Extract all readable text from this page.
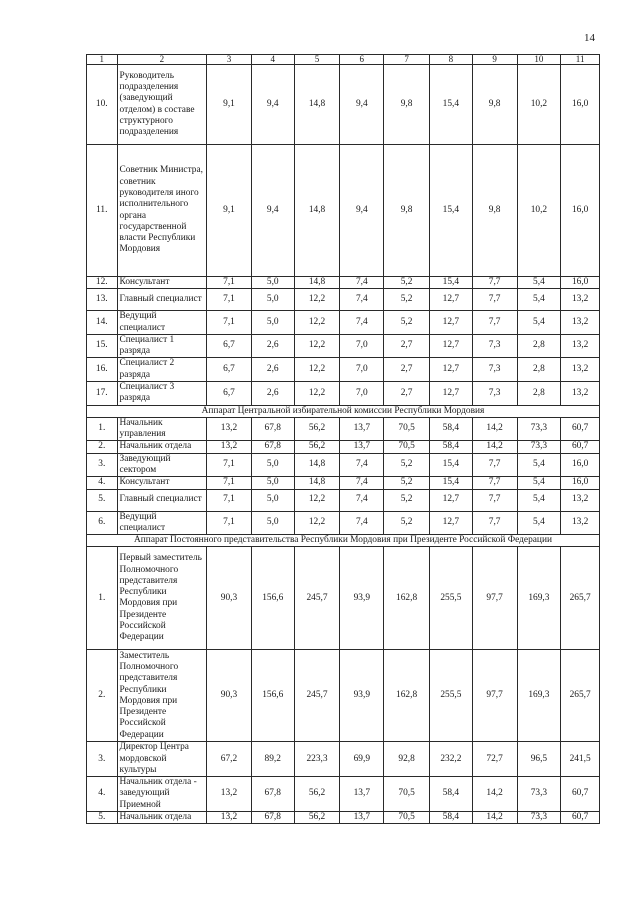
14
1	2	3	4	5	6	7	8	9	10	11
10.	Руководитель подразделения (заведующий отделом) в составе структурного подразделения	9,1	9,4	14,8	9,4	9,8	15,4	9,8	10,2	16,0
11.	Советник Министра, советник руководителя иного исполнительного органа государственной власти Республики Мордовия	9,1	9,4	14,8	9,4	9,8	15,4	9,8	10,2	16,0
12.	Консультант	7,1	5,0	14,8	7,4	5,2	15,4	7,7	5,4	16,0
13.	Главный специалист	7,1	5,0	12,2	7,4	5,2	12,7	7,7	5,4	13,2
14.	Ведущий специалист	7,1	5,0	12,2	7,4	5,2	12,7	7,7	5,4	13,2
15.	Специалист 1 разряда	6,7	2,6	12,2	7,0	2,7	12,7	7,3	2,8	13,2
16.	Специалист 2 разряда	6,7	2,6	12,2	7,0	2,7	12,7	7,3	2,8	13,2
17.	Специалист 3 разряда	6,7	2,6	12,2	7,0	2,7	12,7	7,3	2,8	13,2
Аппарат Центральной избирательной комиссии Республики Мордовия										
1.	Начальник управления	13,2	67,8	56,2	13,7	70,5	58,4	14,2	73,3	60,7
2.	Начальник отдела	13,2	67,8	56,2	13,7	70,5	58,4	14,2	73,3	60,7
3.	Заведующий сектором	7,1	5,0	14,8	7,4	5,2	15,4	7,7	5,4	16,0
4.	Консультант	7,1	5,0	14,8	7,4	5,2	15,4	7,7	5,4	16,0
5.	Главный специалист	7,1	5,0	12,2	7,4	5,2	12,7	7,7	5,4	13,2
6.	Ведущий специалист	7,1	5,0	12,2	7,4	5,2	12,7	7,7	5,4	13,2
Аппарат Постоянного представительства Республики Мордовия при Президенте Российской Федерации										
1.	Первый заместитель Полномочного представителя Республики Мордовия при Президенте Российской Федерации	90,3	156,6	245,7	93,9	162,8	255,5	97,7	169,3	265,7
2.	Заместитель Полномочного представителя Республики Мордовия при Президенте Российской Федерации	90,3	156,6	245,7	93,9	162,8	255,5	97,7	169,3	265,7
3.	Директор Центра мордовской культуры	67,2	89,2	223,3	69,9	92,8	232,2	72,7	96,5	241,5
4.	Начальник отдела - заведующий Приемной	13,2	67,8	56,2	13,7	70,5	58,4	14,2	73,3	60,7
5.	Начальник отдела	13,2	67,8	56,2	13,7	70,5	58,4	14,2	73,3	60,7
